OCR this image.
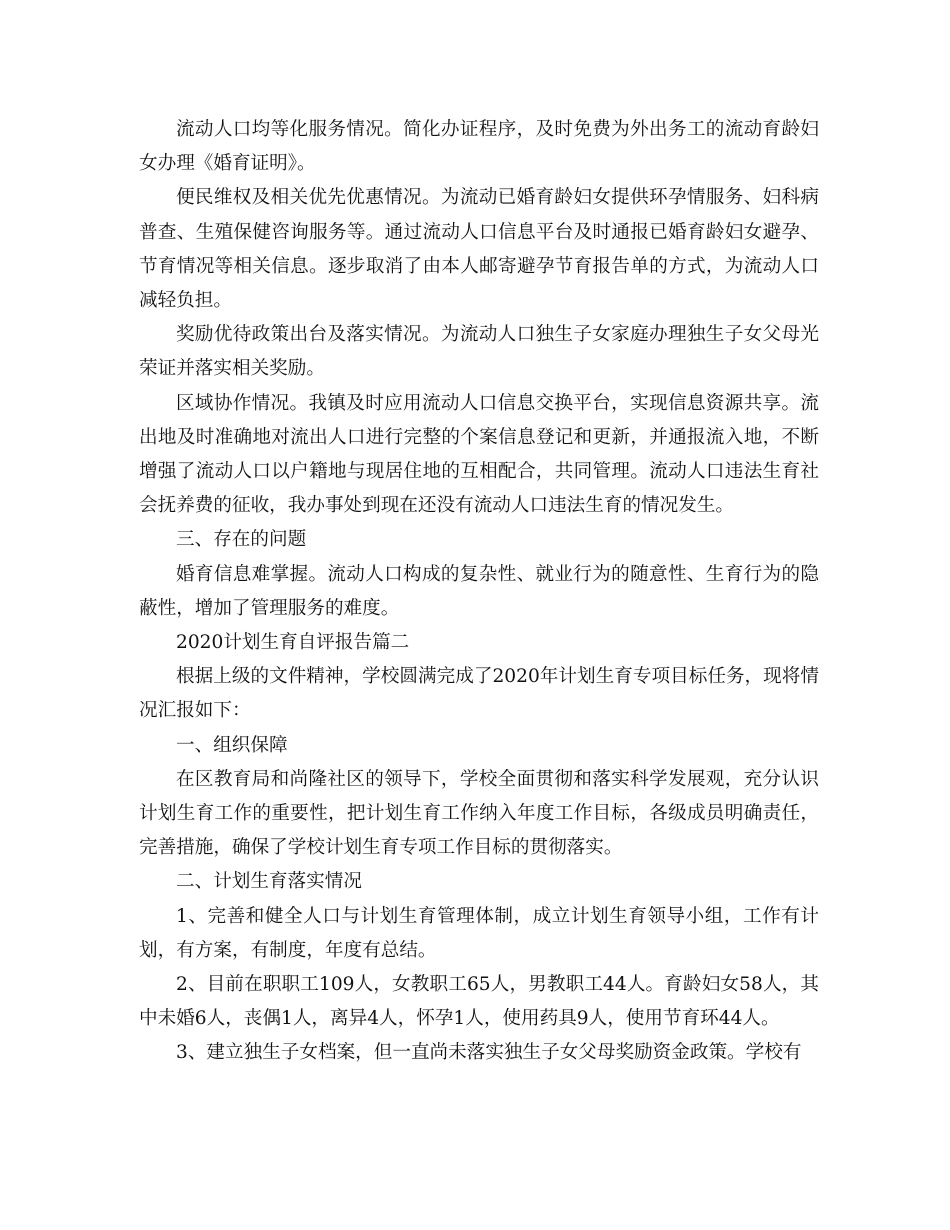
流动人口均等化服务情况。简化办证程序，及时免费为外出务工的流动育龄妇女办理《婚育证明》。

便民维权及相关优先优惠情况。为流动已婚育龄妇女提供环孕情服务、妇科病普查、生殖保健咨询服务等。通过流动人口信息平台及时通报已婚育龄妇女避孕、节育情况等相关信息。逐步取消了由本人邮寄避孕节育报告单的方式，为流动人口减轻负担。

奖励优待政策出台及落实情况。为流动人口独生子女家庭办理独生子女父母光荣证并落实相关奖励。

区域协作情况。我镇及时应用流动人口信息交换平台，实现信息资源共享。流出地及时准确地对流出人口进行完整的个案信息登记和更新，并通报流入地，不断增强了流动人口以户籍地与现居住地的互相配合，共同管理。流动人口违法生育社会抚养费的征收，我办事处到现在还没有流动人口违法生育的情况发生。

三、存在的问题

婚育信息难掌握。流动人口构成的复杂性、就业行为的随意性、生育行为的隐蔽性，增加了管理服务的难度。

2020计划生育自评报告篇二

根据上级的文件精神，学校圆满完成了2020年计划生育专项目标任务，现将情况汇报如下：

一、组织保障

在区教育局和尚隆社区的领导下，学校全面贯彻和落实科学发展观，充分认识计划生育工作的重要性，把计划生育工作纳入年度工作目标，各级成员明确责任，完善措施，确保了学校计划生育专项工作目标的贯彻落实。

二、计划生育落实情况

1、完善和健全人口与计划生育管理体制，成立计划生育领导小组，工作有计划，有方案，有制度，年度有总结。

2、目前在职职工109人，女教职工65人，男教职工44人。育龄妇女58人，其中未婚6人，丧偶1人，离异4人，怀孕1人，使用药具9人，使用节育环44人。

3、建立独生子女档案，但一直尚未落实独生子女父母奖励资金政策。学校有
